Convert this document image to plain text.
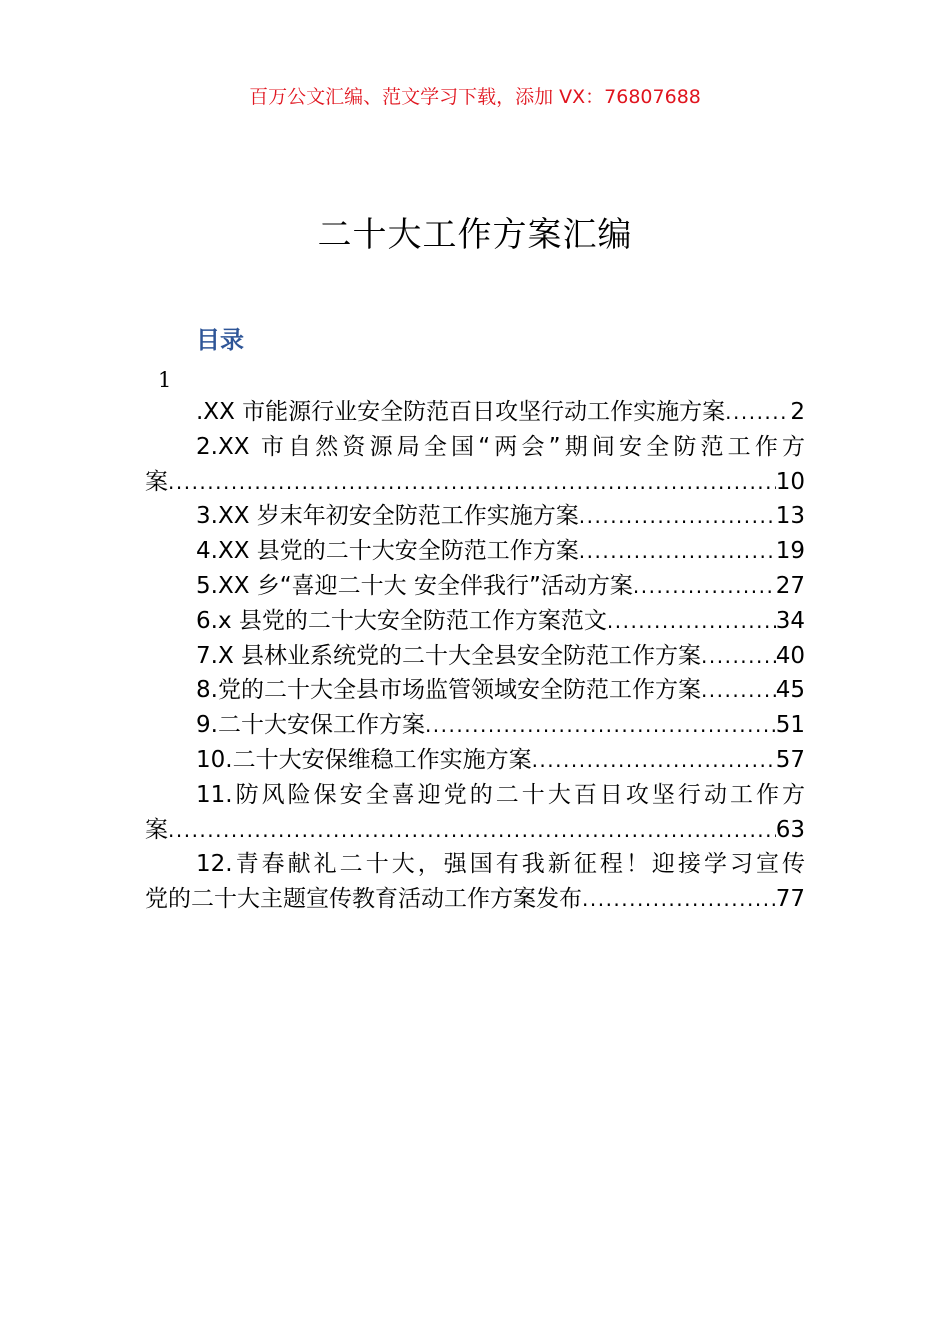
百万公文汇编、范文学习下载，添加 VX：76807688
二十大工作方案汇编
目录
1
.XX 市能源行业安全防范百日攻坚行动工作实施方案 .....	2
2.XX 市自然资源局全国“两会”期间安全防范工作方
案 .....	10
3.XX 岁末年初安全防范工作实施方案 .....	13
4.XX 县党的二十大安全防范工作方案 .....	19
5.XX 乡“喜迎二十大 安全伴我行”活动方案 .....	27
6.x 县党的二十大安全防范工作方案范文 .....	34
7.X 县林业系统党的二十大全县安全防范工作方案 .....	40
8.党的二十大全县市场监管领域安全防范工作方案 .....	45
9.二十大安保工作方案 .....	51
10.二十大安保维稳工作实施方案 .....	57
11.防风险保安全喜迎党的二十大百日攻坚行动工作方
案 .....	63
12.青春献礼二十大，强国有我新征程！迎接学习宣传
党的二十大主题宣传教育活动工作方案发布 .....	77
